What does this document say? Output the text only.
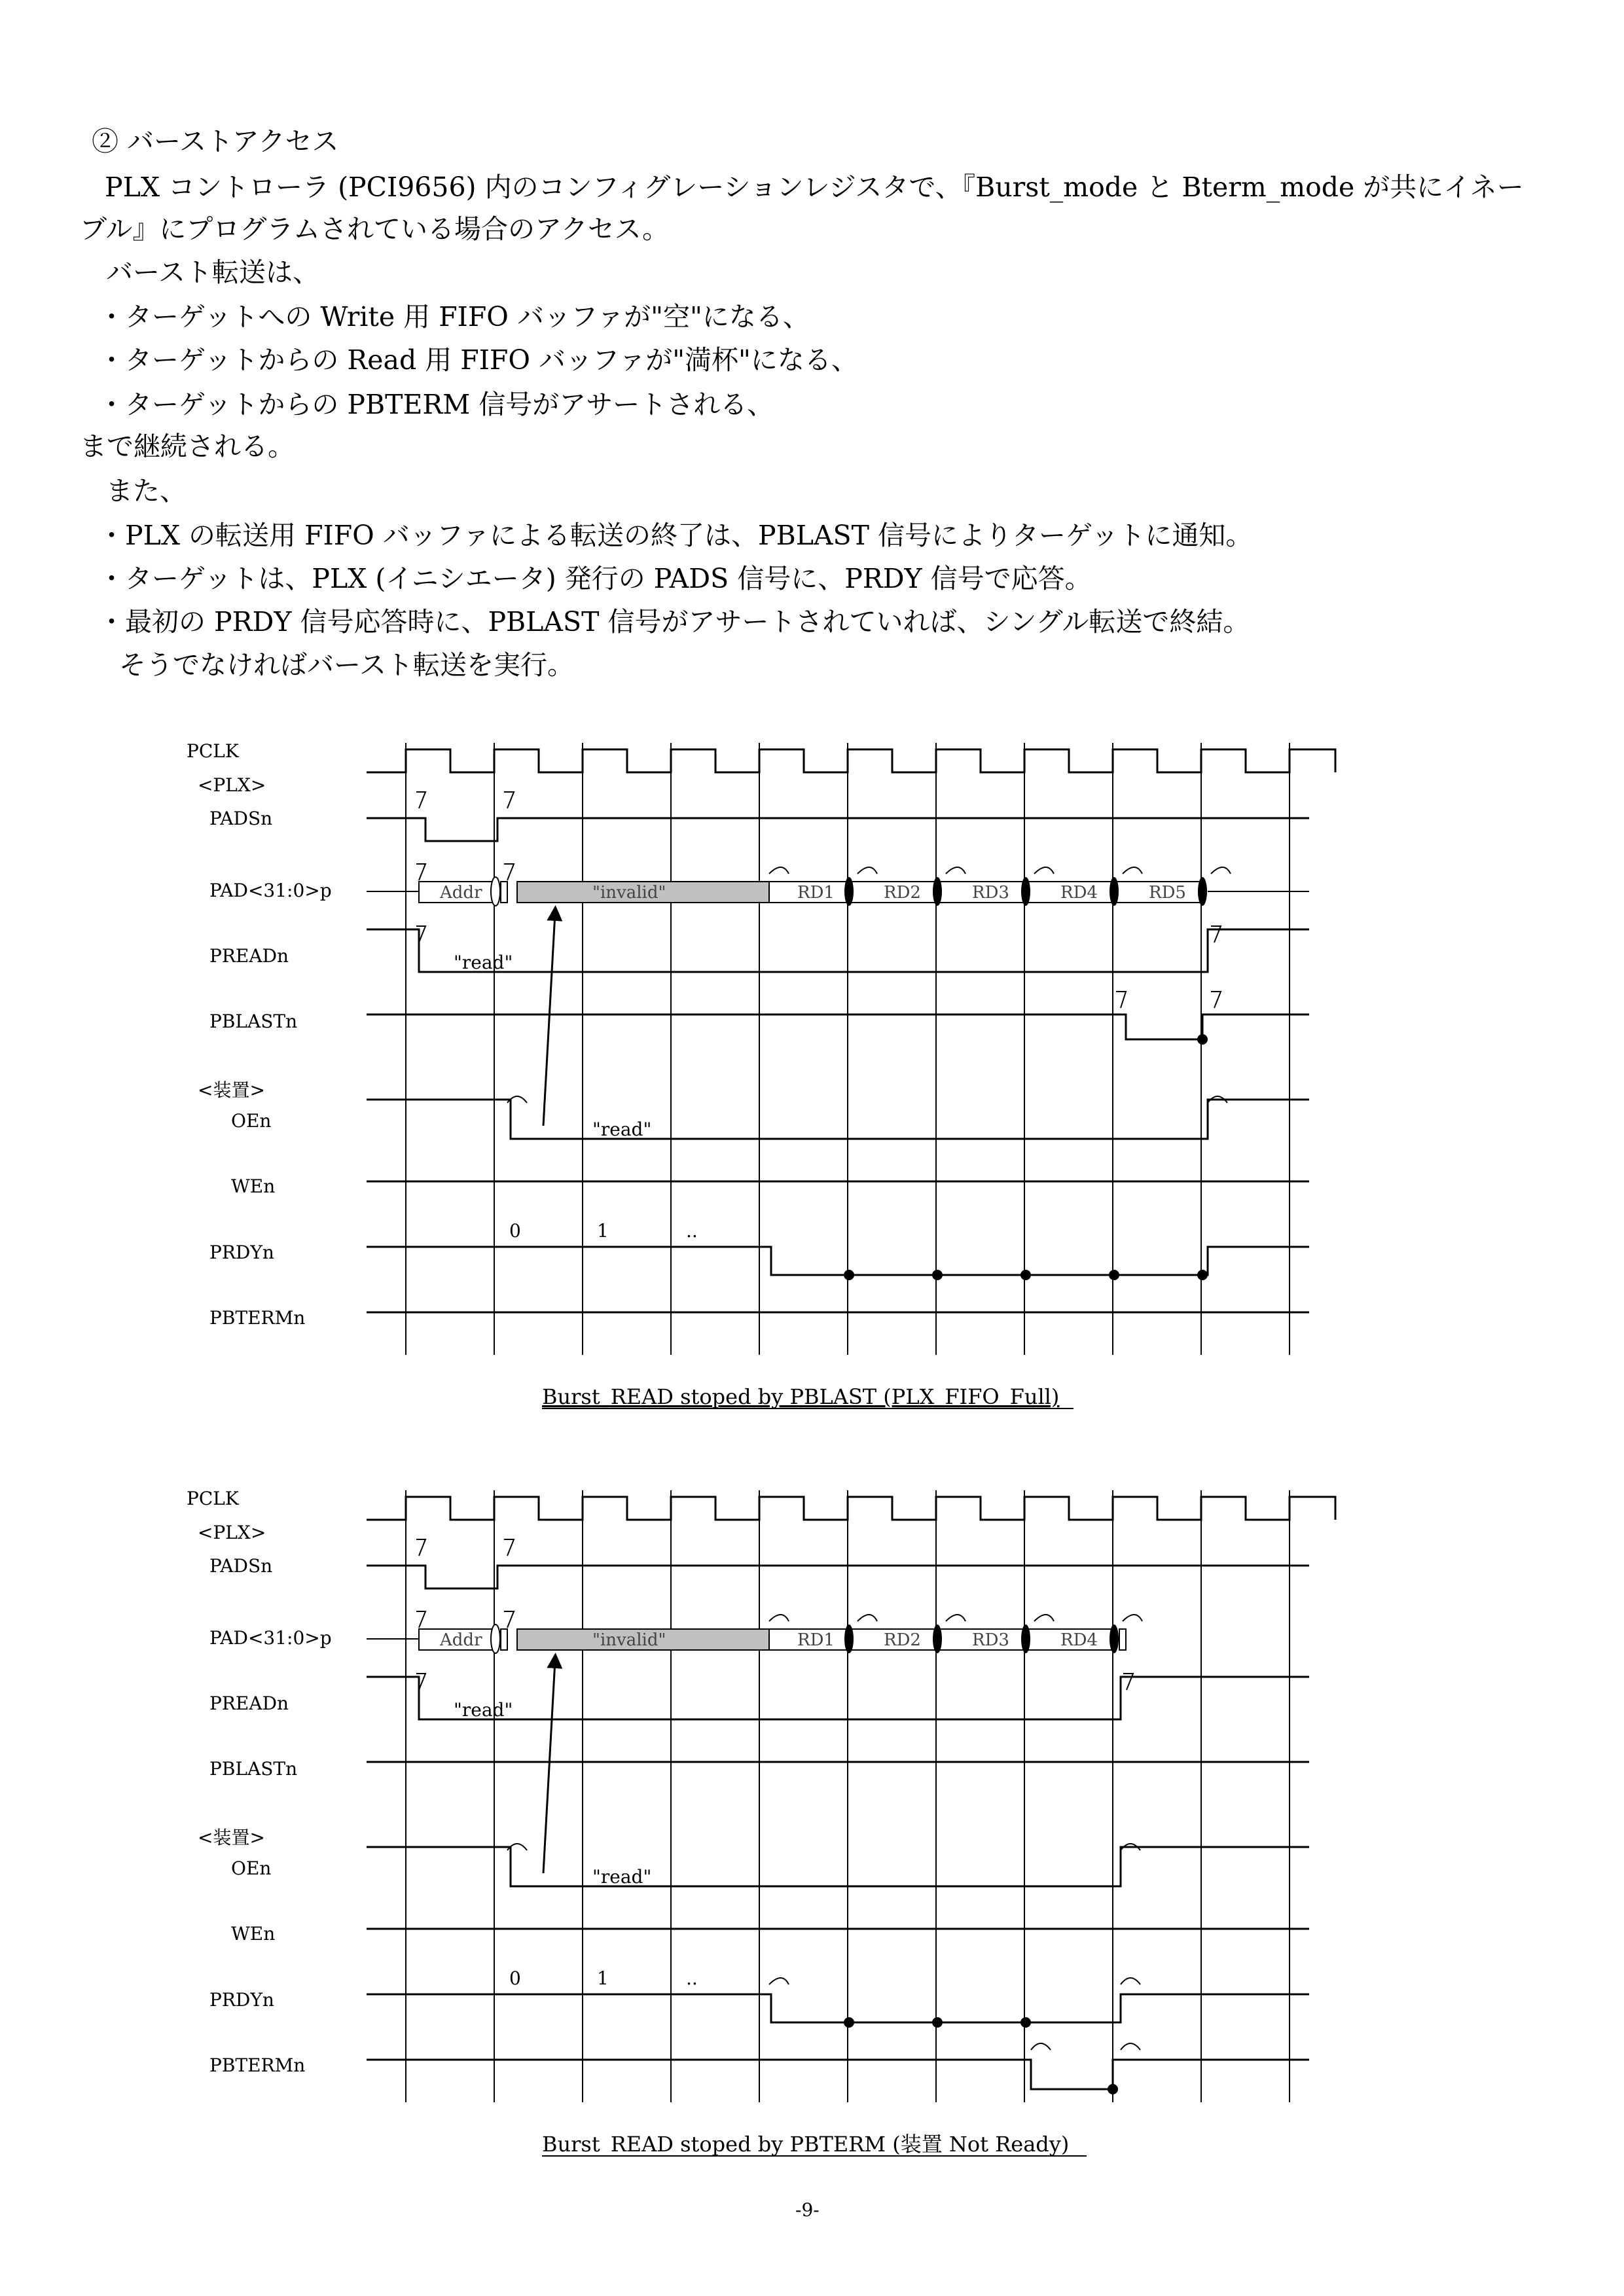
② バーストアクセス
PLX コントローラ (PCI9656) 内のコンフィグレーションレジスタで、『Burst_mode と Bterm_mode が共にイネー
ブル』にプログラムされている場合のアクセス。
バースト転送は、
・ターゲットへの Write 用 FIFO バッファが"空"になる、
・ターゲットからの Read 用 FIFO バッファが"満杯"になる、
・ターゲットからの PBTERM 信号がアサートされる、
まで継続される。
また、
・PLX の転送用 FIFO バッファによる転送の終了は、PBLAST 信号によりターゲットに通知。
・ターゲットは、PLX (イニシエータ) 発行の PADS 信号に、PRDY 信号で応答。
・最初の PRDY 信号応答時に、PBLAST 信号がアサートされていれば、シングル転送で終結。
そうでなければバースト転送を実行。
PCLK
<PLX>
PADSn
PAD<31:0>p
PREADn
PBLASTn
<装置>
OEn
WEn
PRDYn
PBTERMn
Addr	"invalid"	RD1	RD2	RD3	RD4	RD5
"read"
"read"
0	1	..
Burst_READ stoped by PBLAST (PLX_FIFO_Full)
PCLK
<PLX>
PADSn
PAD<31:0>p
PREADn
PBLASTn
<装置>
OEn
WEn
PRDYn
PBTERMn
Addr	"invalid"	RD1	RD2	RD3	RD4
"read"
"read"
0	1	..
Burst_READ stoped by PBTERM (装置 Not Ready)
-9-
